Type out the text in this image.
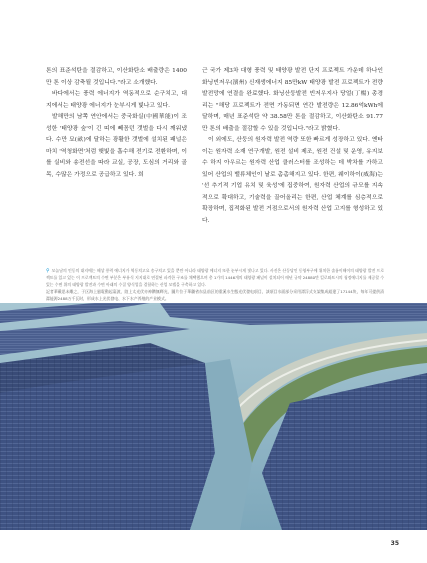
톤의 표준석탄을 절감하고, 이산화탄소 배출량은 1400만 톤 이상 감축될 것입니다."라고 소개했다.

바다에서는 풍력 에너지가 역동적으로 순구치고, 대지에서는 태양광 에너지가 눈부시게 빛나고 있다.

발해만의 남쪽 연안에서는 중국화실(中國華能)이 조성한 '태양광 숲'이 긴 띠에 빼꼼던 갯벌을 다시 깨워냈다. 수만 묘(畝)에 달하는 광활한 갯벌에 설치된 패널은 마치 '역청화면'처럼 햇빛을 흡수해 전기로 전환하며, 이를 실비와 송전선을 따라 교실, 공장, 도심의 거리와 골목, 수많은 가정으로 공급하고 있다. 희

근 국가 제3차 대형 풍력 및 태양광 발전 단지 프로젝트 가운데 하나인 화닝빈저우(濱州) 신재생에너지 85만kW 태양광 발전 프로젝트가 전량 발전망에 연결을 완료했다. 화닝산둥발전 빈저우지사 당얼(丁楊) 총경리는 "해당 프로젝트가 전면 가동되면 연간 발전량은 12.86억kWh에 달하며, 매년 표준석탄 약 38.58만 톤을 절감하고, 이산화탄소 91.77만 톤의 배출을 절감할 수 있을 것입니다."라고 밝혔다.

이 외에도, 산둥의 원자력 발전 역량 또한 빠르게 성장하고 있다. 옌타이는 원자력 소재 연구개발, 원전 설비 제조, 원전 건설 및 운영, 유지보수 하지 아우르는 원자력 산업 클러스터를 조성하는 데 박차를 가하고 있어 산업의 밸류체인이 날로 촘촘해지고 있다. 한편, 웨이하이(威海)는 '선 추기적 기업 유치 및 육성'에 집중하여, 원자력 산업의 규모를 지속적으로 확대하고, 기술력을 끌어올리는 한편, 산업 체계를 심층적으로 확장하며, 집적화된 발전 거점으로서의 원자력 산업 고지를 형성하고 있다.

⚲ 모놀남의 인둥의 대지에는 해상 풍력 에너지가 역동치고요 송구치고 있을 뿐만 아니라 태양광 에너지 또한 눈부시게 빛나고 있다. 사진은 산둥당인 동영부구에 위치한 솔롬이해이의 태양광 발전 프로젝트를 있고 있는 이 프로젝트의 수면 부분은 부유식 지지대로 연결된 파격한 구조를 채택했으며 총 1가의 1446개의 태양광 패널이 설치되어 매년 규약 24880만 킬로와트시의 청정에너지를 제공할 수 있는 수면 위의 태양광 발전과 수면 아래의 수질 양식업을 결합하는 산업 모델을 구축하고 있다.

記者華戴思未雕之，于区海上風電動起裏波，陸上太光伏亦神鑽無輝光，圖片位于華疆省东县前区的重溪水生態光伏發电項目，該項目水面部分采用漂浮式支架集成組建了17144块，每年可提供清潔能源2488万千瓦时，形成水上光伏發电、水下水产养殖的产业模式。

35
